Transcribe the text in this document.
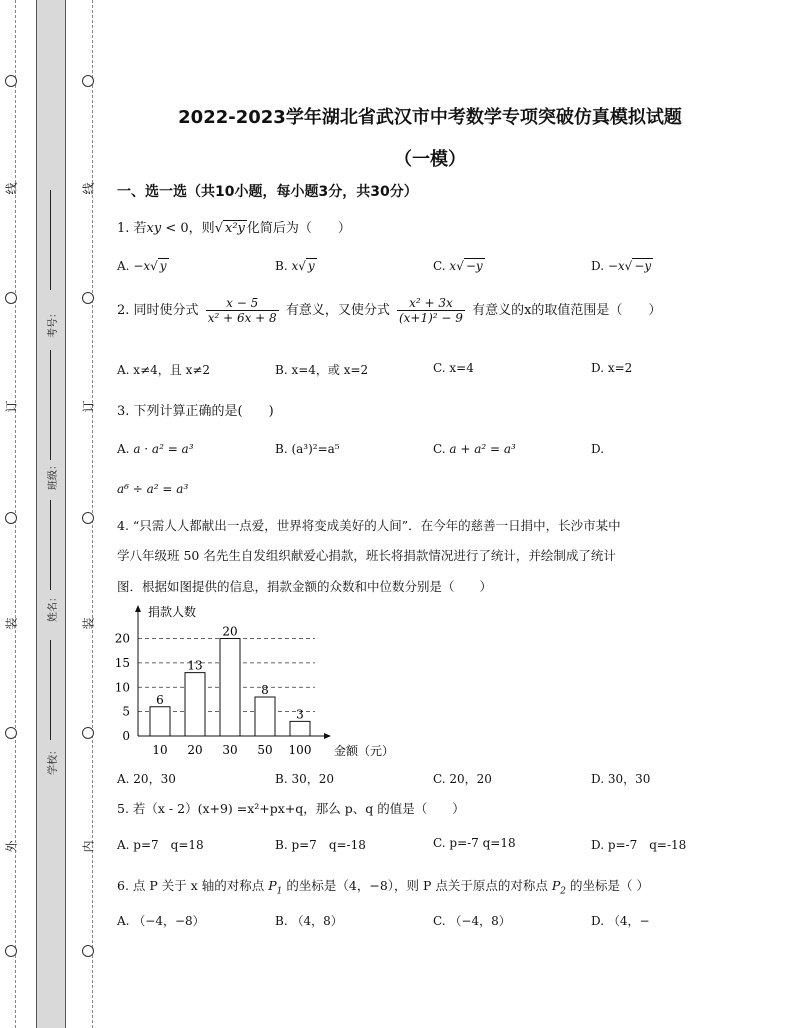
线
订
装
外
线
订
装
内
考号：
班级：
姓名：
学校：
2022-2023学年湖北省武汉市中考数学专项突破仿真模拟试题
（一模）
一、选一选（共10小题，每小题3分，共30分）
1. 若xy < 0，则√ x²y 化简后为（　　）
A. −x√ y	B. x√ y	C. x√ −y	D. −x√ −y
2. 同时使分式 $\frac{x - 5}{\text{x² + 6x + 8}}$ 有意义，又使分式 $\frac{\text{x² + 3x}}{\text{(x+1)² − 9}}$ 有意义的x的取值范围是（　　）
A. x≠4，且 x≠2	B. x=4，或 x=2	C. x=4	D. x=2
3. 下列计算正确的是(　　)
A. a · a² = a³	B. (a³)²=a⁵	C. a + a² = a³	D.
a⁶ ÷ a² = a³
4. “只需人人都献出一点爱，世界将变成美好的人间”．在今年的慈善一日捐中，长沙市某中
学八年级班 50 名先生自发组织献爱心捐款，班长将捐款情况进行了统计，并绘制成了统计
图．根据如图提供的信息，捐款金额的众数和中位数分别是（　　）
6
13
20
8
3
0
5
10
15
20
10 20 30 50 100
捐款人数
金额（元）
A. 20，30	B. 30，20	C. 20，20	D. 30，30
5. 若（x - 2）(x+9) =x²+px+q，那么 p、q 的值是（　　）
A. p=7　q=18	B. p=7　q=-18	C. p=-7 q=18	D. p=-7　q=-18
6. 点 P 关于 x 轴的对称点 $P_1$ 的坐标是（4，−8），则 P 点关于原点的对称点 $P_2$ 的坐标是（ ）
A. （−4，−8）	B. （4，8）	C. （−4，8）	D. （4，−
